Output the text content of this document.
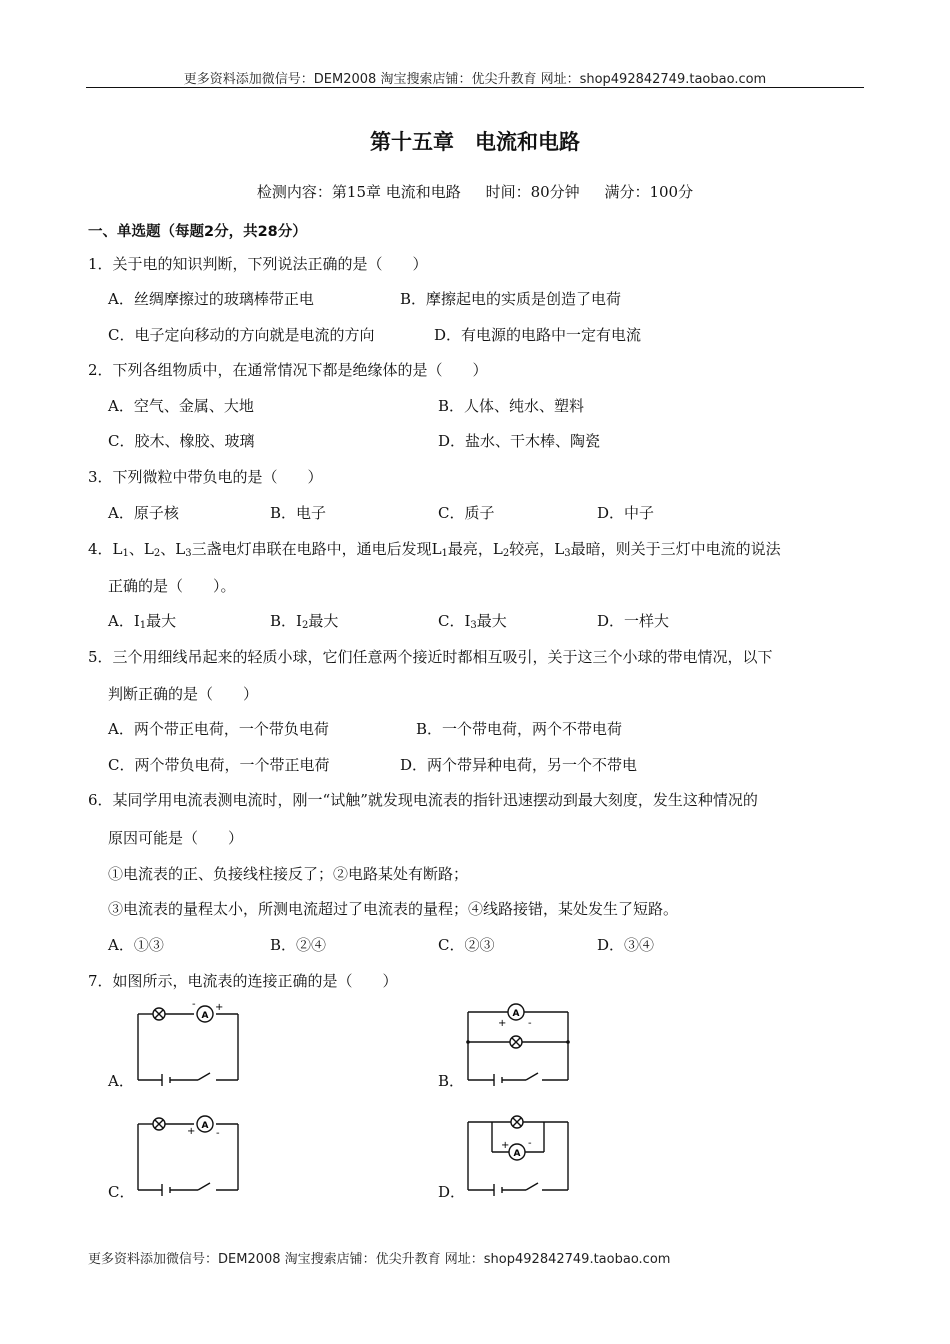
更多资料添加微信号：DEM2008 淘宝搜索店铺：优尖升教育 网址：shop492842749.taobao.com
第十五章　电流和电路
检测内容：第15章 电流和电路 时间：80分钟 满分：100分
一、单选题（每题2分，共28分）
1．关于电的知识判断，下列说法正确的是（　　）
A．丝绸摩擦过的玻璃棒带正电	B．摩擦起电的实质是创造了电荷
C．电子定向移动的方向就是电流的方向	D．有电源的电路中一定有电流
2．下列各组物质中，在通常情况下都是绝缘体的是（　　）
A．空气、金属、大地	B．人体、纯水、塑料
C．胶木、橡胶、玻璃	D．盐水、干木棒、陶瓷
3．下列微粒中带负电的是（　　）
A．原子核	B．电子	C．质子	D．中子
4．$L_1$、$L_2$、$L_3$三盏电灯串联在电路中，通电后发现$L_1$最亮，$L_2$较亮，$L_3$最暗，则关于三灯中电流的说法
正确的是（　　）。
A．$I_1$最大	B．$I_2$最大	C．$I_3$最大	D．一样大
5．三个用细线吊起来的轻质小球，它们任意两个接近时都相互吸引，关于这三个小球的带电情况，以下
判断正确的是（　　）
A．两个带正电荷，一个带负电荷	B．一个带电荷，两个不带电荷
C．两个带负电荷，一个带正电荷	D．两个带异种电荷，另一个不带电
6．某同学用电流表测电流时，刚一“试触”就发现电流表的指针迅速摆动到最大刻度，发生这种情况的
原因可能是（　　）
①电流表的正、负接线柱接反了；②电路某处有断路；
③电流表的量程太小，所测电流超过了电流表的量程；④线路接错，某处发生了短路。
A．①③	B．②④	C．②③	D．③④
7．如图所示，电流表的连接正确的是（　　）
A．	B．
C．	D．
A
- +
A
+ -
A
+ -
A
+ -
更多资料添加微信号：DEM2008 淘宝搜索店铺：优尖升教育 网址：shop492842749.taobao.com
